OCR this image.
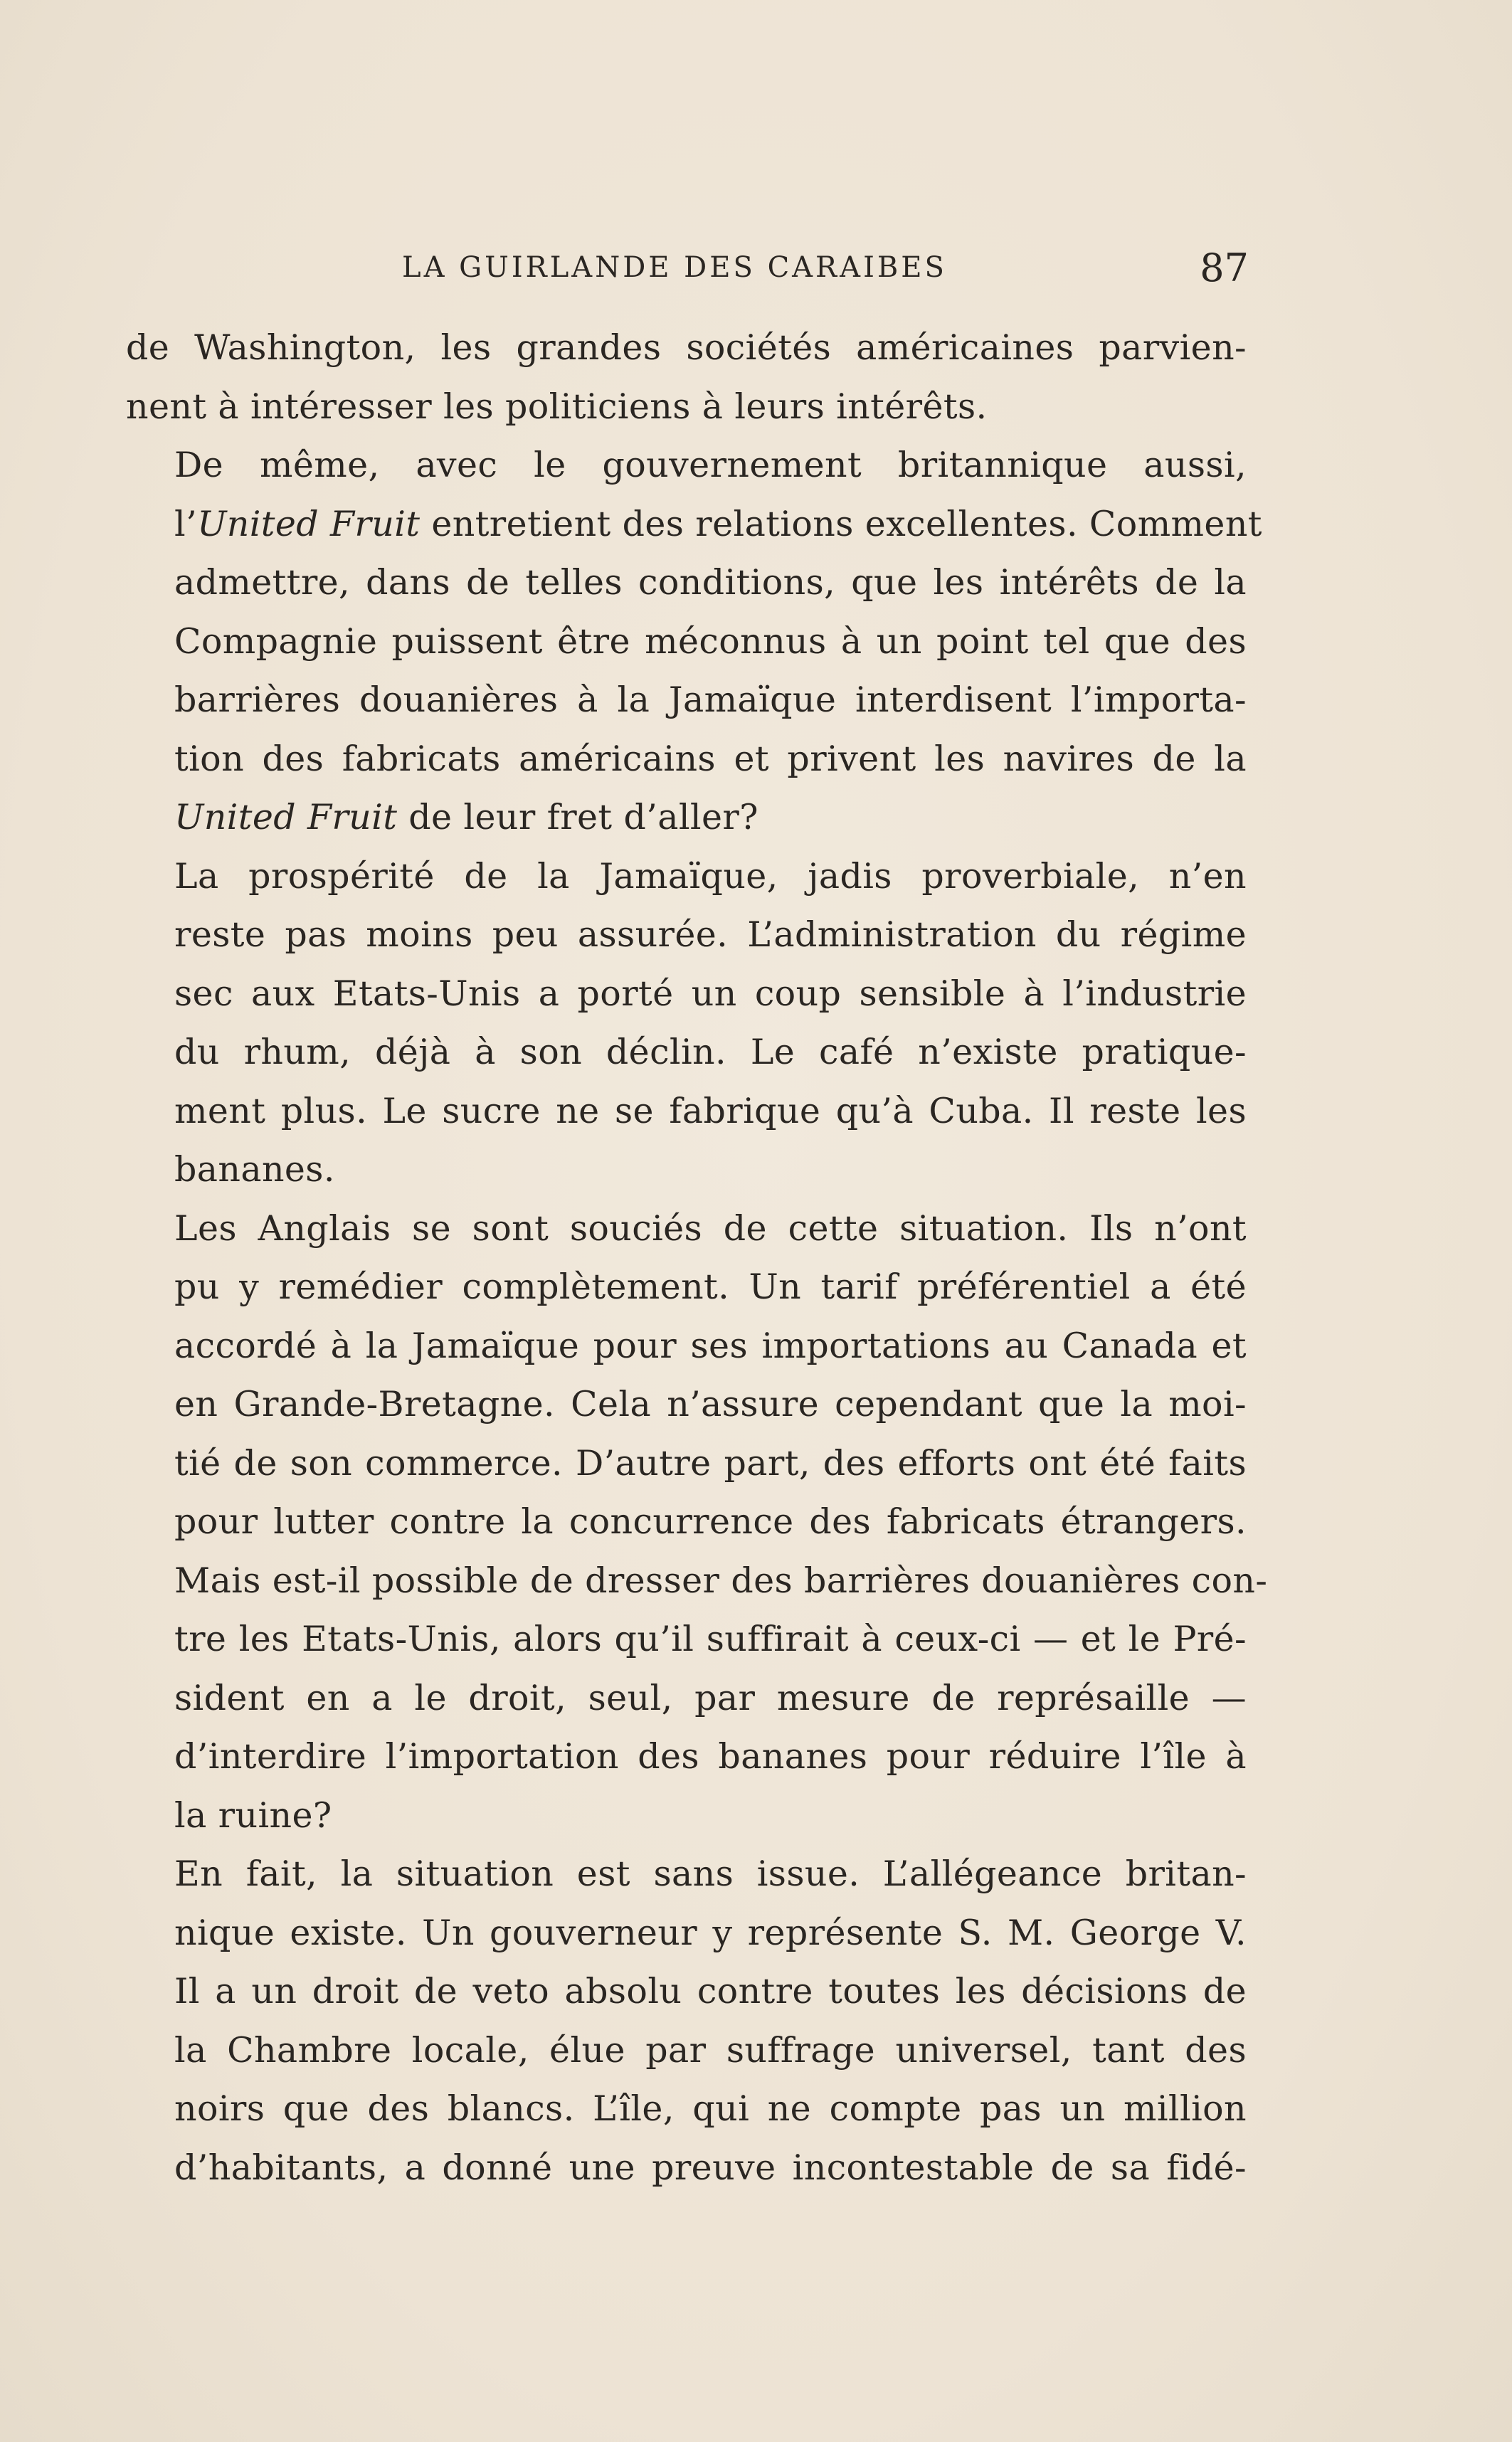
LA GUIRLANDE DES CARAIBES	87

de Washington, les grandes sociétés américaines parvien-
nent à intéresser les politiciens à leurs intérêts.

De même, avec le gouvernement britannique aussi,
l’United Fruit entretient des relations excellentes. Comment
admettre, dans de telles conditions, que les intérêts de la
Compagnie puissent être méconnus à un point tel que des
barrières douanières à la Jamaïque interdisent l’importa-
tion des fabricats américains et privent les navires de la
United Fruit de leur fret d’aller?

La prospérité de la Jamaïque, jadis proverbiale, n’en
reste pas moins peu assurée. L’administration du régime
sec aux Etats-Unis a porté un coup sensible à l’industrie
du rhum, déjà à son déclin. Le café n’existe pratique-
ment plus. Le sucre ne se fabrique qu’à Cuba. Il reste les
bananes.

Les Anglais se sont souciés de cette situation. Ils n’ont
pu y remédier complètement. Un tarif préférentiel a été
accordé à la Jamaïque pour ses importations au Canada et
en Grande-Bretagne. Cela n’assure cependant que la moi-
tié de son commerce. D’autre part, des efforts ont été faits
pour lutter contre la concurrence des fabricats étrangers.
Mais est-il possible de dresser des barrières douanières con-
tre les Etats-Unis, alors qu’il suffirait à ceux-ci — et le Pré-
sident en a le droit, seul, par mesure de représaille —
d’interdire l’importation des bananes pour réduire l’île à
la ruine?

En fait, la situation est sans issue. L’allégeance britan-
nique existe. Un gouverneur y représente S. M. George V.
Il a un droit de veto absolu contre toutes les décisions de
la Chambre locale, élue par suffrage universel, tant des
noirs que des blancs. L’île, qui ne compte pas un million
d’habitants, a donné une preuve incontestable de sa fidé-
